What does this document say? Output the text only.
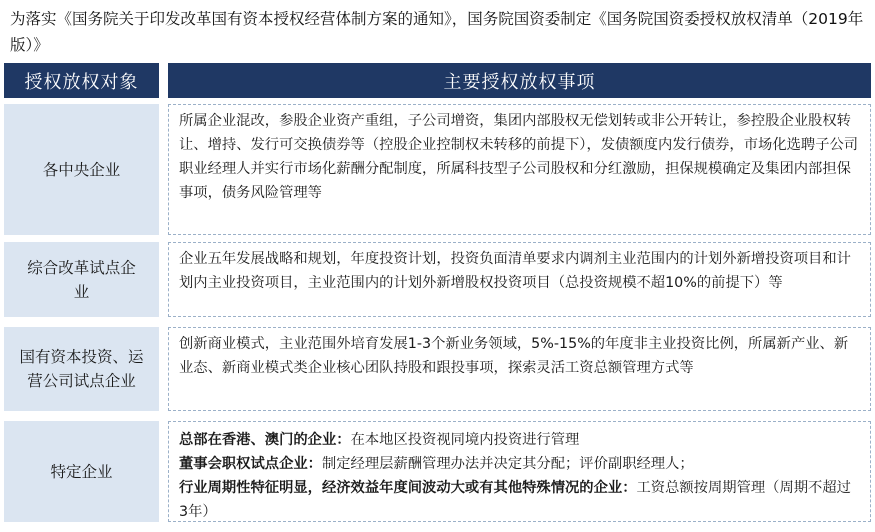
为落实《国务院关于印发改革国有资本授权经营体制方案的通知》，国务院国资委制定《国务院国资委授权放权清单（2019年版）》
授权放权对象	主要授权放权事项
各中央企业
所属企业混改，参股企业资产重组，子公司增资，集团内部股权无偿划转或非公开转让，参控股企业股权转让、增持、发行可交换债券等（控股企业控制权未转移的前提下），发债额度内发行债券，市场化选聘子公司职业经理人并实行市场化薪酬分配制度，所属科技型子公司股权和分红激励，担保规模确定及集团内部担保事项，债务风险管理等
综合改革试点企业
企业五年发展战略和规划，年度投资计划，投资负面清单要求内调剂主业范围内的计划外新增投资项目和计划内主业投资项目，主业范围内的计划外新增股权投资项目（总投资规模不超10%的前提下）等
国有资本投资、运营公司试点企业
创新商业模式，主业范围外培育发展1-3个新业务领域，5%-15%的年度非主业投资比例，所属新产业、新业态、新商业模式类企业核心团队持股和跟投事项，探索灵活工资总额管理方式等
特定企业
总部在香港、澳门的企业：在本地区投资视同境内投资进行管理
董事会职权试点企业：制定经理层薪酬管理办法并决定其分配；评价副职经理人；
行业周期性特征明显，经济效益年度间波动大或有其他特殊情况的企业：工资总额按周期管理（周期不超过3年）
